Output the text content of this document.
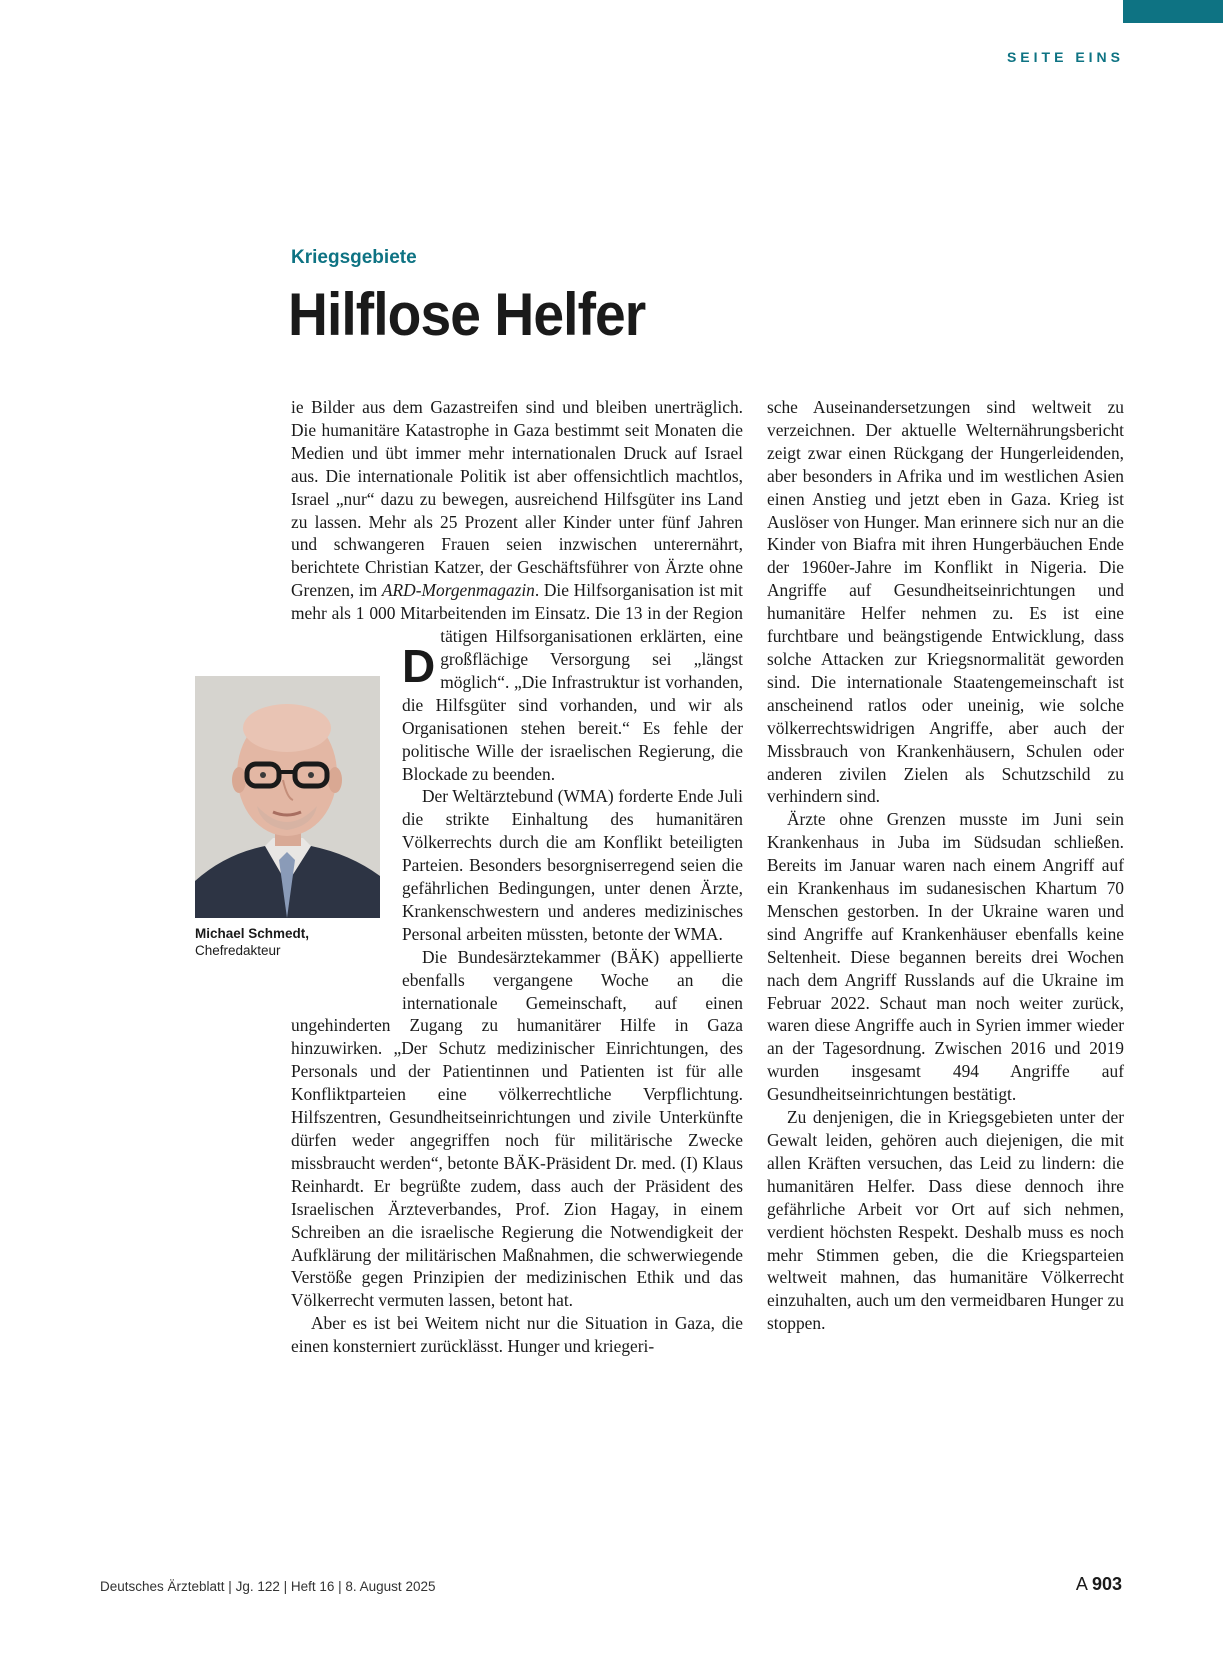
SEITE EINS
Kriegsgebiete
Hilflose Helfer

D
ie Bilder aus dem Gazastreifen sind und bleiben unerträglich. Die humanitäre Katastrophe in Gaza bestimmt seit Monaten die Medien und übt immer mehr internationalen Druck auf Israel aus. Die internationale Politik ist aber offensichtlich machtlos, Israel „nur“ dazu zu bewegen, ausreichend Hilfsgüter ins Land zu lassen. Mehr als 25 Prozent aller Kinder unter fünf Jahren und schwangeren Frauen seien inzwischen unterernährt, berichtete Christian Katzer, der Geschäftsführer von Ärzte ohne Grenzen, im ARD-Morgenmagazin. Die Hilfsorganisation ist mit mehr als 1 000 Mitarbeitenden im Einsatz. Die 13 in der Region tätigen Hilfsorganisationen erklärten, eine großflächige Versorgung sei „längst möglich“. „Die Infrastruktur ist vorhanden, die Hilfsgüter sind vorhanden, und wir als Organisationen stehen bereit.“ Es fehle der politische Wille der israelischen Regierung, die Blockade zu beenden.

Der Weltärztebund (WMA) forderte Ende Juli die strikte Einhaltung des humanitären Völkerrechts durch die am Konflikt beteiligten Parteien. Besonders besorgniserregend seien die gefährlichen Bedingungen, unter denen Ärzte, Krankenschwestern und anderes medizinisches Personal arbeiten müssten, betonte der WMA.

Die Bundesärztekammer (BÄK) appellierte ebenfalls vergangene Woche an die internationale Gemeinschaft, auf einen ungehinderten Zugang zu humanitärer Hilfe in Gaza hinzuwirken. „Der Schutz medizinischer Einrichtungen, des Personals und der Patientinnen und Patienten ist für alle Konfliktparteien eine völkerrechtliche Verpflichtung. Hilfszentren, Gesundheitseinrichtungen und zivile Unterkünfte dürfen weder angegriffen noch für militärische Zwecke missbraucht werden“, betonte BÄK-Präsident Dr. med. (I) Klaus Reinhardt. Er begrüßte zudem, dass auch der Präsident des Israelischen Ärzteverbandes, Prof. Zion Hagay, in einem Schreiben an die israelische Regierung die Notwendigkeit der Aufklärung der militärischen Maßnahmen, die schwerwiegende Verstöße gegen Prinzipien der medizinischen Ethik und das Völkerrecht vermuten lassen, betont hat.

Aber es ist bei Weitem nicht nur die Situation in Gaza, die einen konsterniert zurücklässt. Hunger und kriegeri-

sche Auseinandersetzungen sind weltweit zu verzeichnen. Der aktuelle Welternährungsbericht zeigt zwar einen Rückgang der Hungerleidenden, aber besonders in Afrika und im westlichen Asien einen Anstieg und jetzt eben in Gaza. Krieg ist Auslöser von Hunger. Man erinnere sich nur an die Kinder von Biafra mit ihren Hungerbäuchen Ende der 1960er-Jahre im Konflikt in Nigeria. Die Angriffe auf Gesundheitseinrichtungen und humanitäre Helfer nehmen zu. Es ist eine furchtbare und beängstigende Entwicklung, dass solche Attacken zur Kriegsnormalität geworden sind. Die internationale Staatengemeinschaft ist anscheinend ratlos oder uneinig, wie solche völkerrechtswidrigen Angriffe, aber auch der Missbrauch von Krankenhäusern, Schulen oder anderen zivilen Zielen als Schutzschild zu verhindern sind.

Ärzte ohne Grenzen musste im Juni sein Krankenhaus in Juba im Südsudan schließen. Bereits im Januar waren nach einem Angriff auf ein Krankenhaus im sudanesischen Khartum 70 Menschen gestorben. In der Ukraine waren und sind Angriffe auf Krankenhäuser ebenfalls keine Seltenheit. Diese begannen bereits drei Wochen nach dem Angriff Russlands auf die Ukraine im Februar 2022. Schaut man noch weiter zurück, waren diese Angriffe auch in Syrien immer wieder an der Tagesordnung. Zwischen 2016 und 2019 wurden insgesamt 494 Angriffe auf Gesundheitseinrichtungen bestätigt.

Zu denjenigen, die in Kriegsgebieten unter der Gewalt leiden, gehören auch diejenigen, die mit allen Kräften versuchen, das Leid zu lindern: die humanitären Helfer. Dass diese dennoch ihre gefährliche Arbeit vor Ort auf sich nehmen, verdient höchsten Respekt. Deshalb muss es noch mehr Stimmen geben, die die Kriegsparteien weltweit mahnen, das humanitäre Völkerrecht einzuhalten, auch um den vermeidbaren Hunger zu stoppen.

Michael Schmedt,
Chefredakteur
Deutsches Ärzteblatt | Jg. 122 | Heft 16 | 8. August 2025	A 903
